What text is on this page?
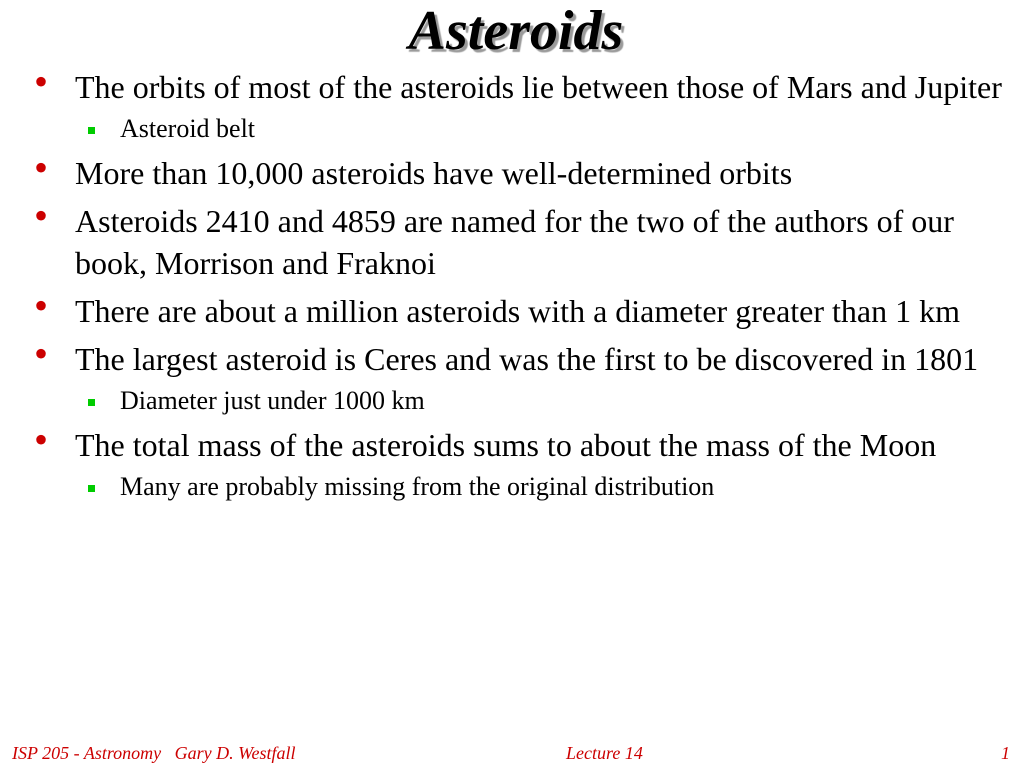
Asteroids
• The orbits of most of the asteroids lie between those of Mars and Jupiter
Asteroid belt
• More than 10,000 asteroids have well-determined orbits
• Asteroids 2410 and 4859 are named for the two of the authors of our book, Morrison and Fraknoi
• There are about a million asteroids with a diameter greater than 1 km
• The largest asteroid is Ceres and was the first to be discovered in 1801
Diameter just under 1000 km
• The total mass of the asteroids sums to about the mass of the Moon
Many are probably missing from the original distribution
ISP 205 - Astronomy   Gary D. Westfall	Lecture 14	1
